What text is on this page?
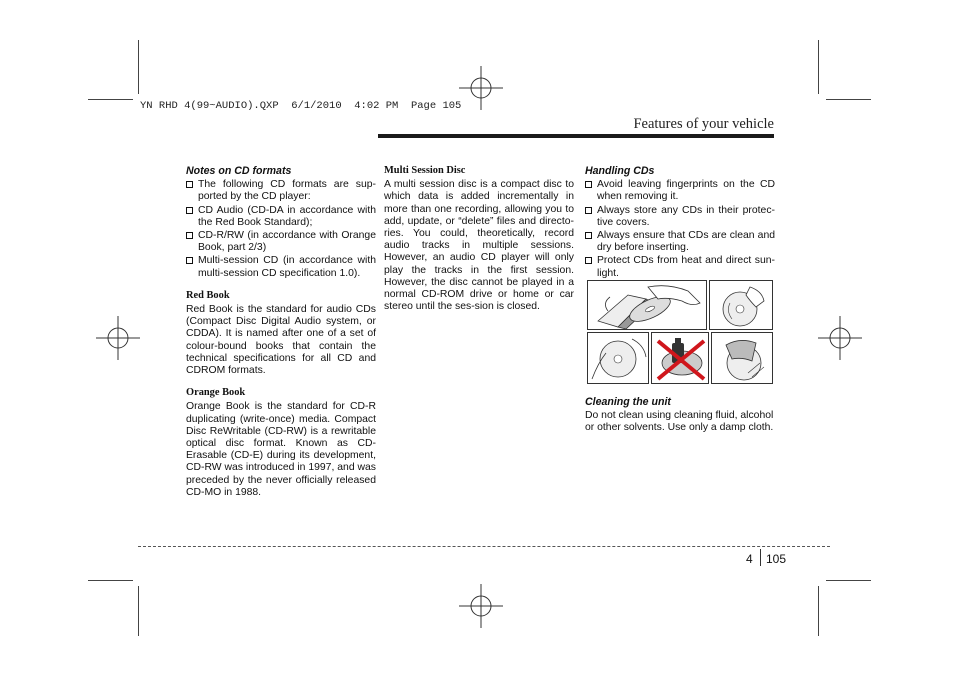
YN RHD 4(99~AUDIO).QXP  6/1/2010  4:02 PM  Page 105
Features of your vehicle
Notes on CD formats
The following CD formats are sup-ported by the CD player:
CD Audio (CD-DA in accordance with the Red Book Standard);
CD-R/RW (in accordance with Orange Book, part 2/3)
Multi-session CD (in accordance with multi-session CD specification 1.0).
Red Book

Red Book is the standard for audio CDs (Compact Disc Digital Audio system, or CDDA). It is named after one of a set of colour-bound books that contain the technical specifications for all CD and CDROM formats.

Orange Book

Orange Book is the standard for CD-R duplicating (write-once) media. Compact Disc ReWritable (CD-RW) is a rewritable optical disc format. Known as CD-Erasable (CD-E) during its development, CD-RW was introduced in 1997, and was preceded by the never officially released CD-MO in 1988.

Multi Session Disc

A multi session disc is a compact disc to which data is added incrementally in more than one recording, allowing you to add, update, or “delete” files and directo-ries. You could, theoretically, record audio tracks in multiple sessions. However, an audio CD player will only play the tracks in the first session. However, the disc cannot be played in a normal CD-ROM drive or home or car stereo until the ses-sion is closed.

Handling CDs
Avoid leaving fingerprints on the CD when removing it.
Always store any CDs in their protec-tive covers.
Always ensure that CDs are clean and dry before inserting.
Protect CDs from heat and direct sun-light.
Cleaning the unit

Do not clean using cleaning fluid, alcohol or other solvents. Use only a damp cloth.

4 105
